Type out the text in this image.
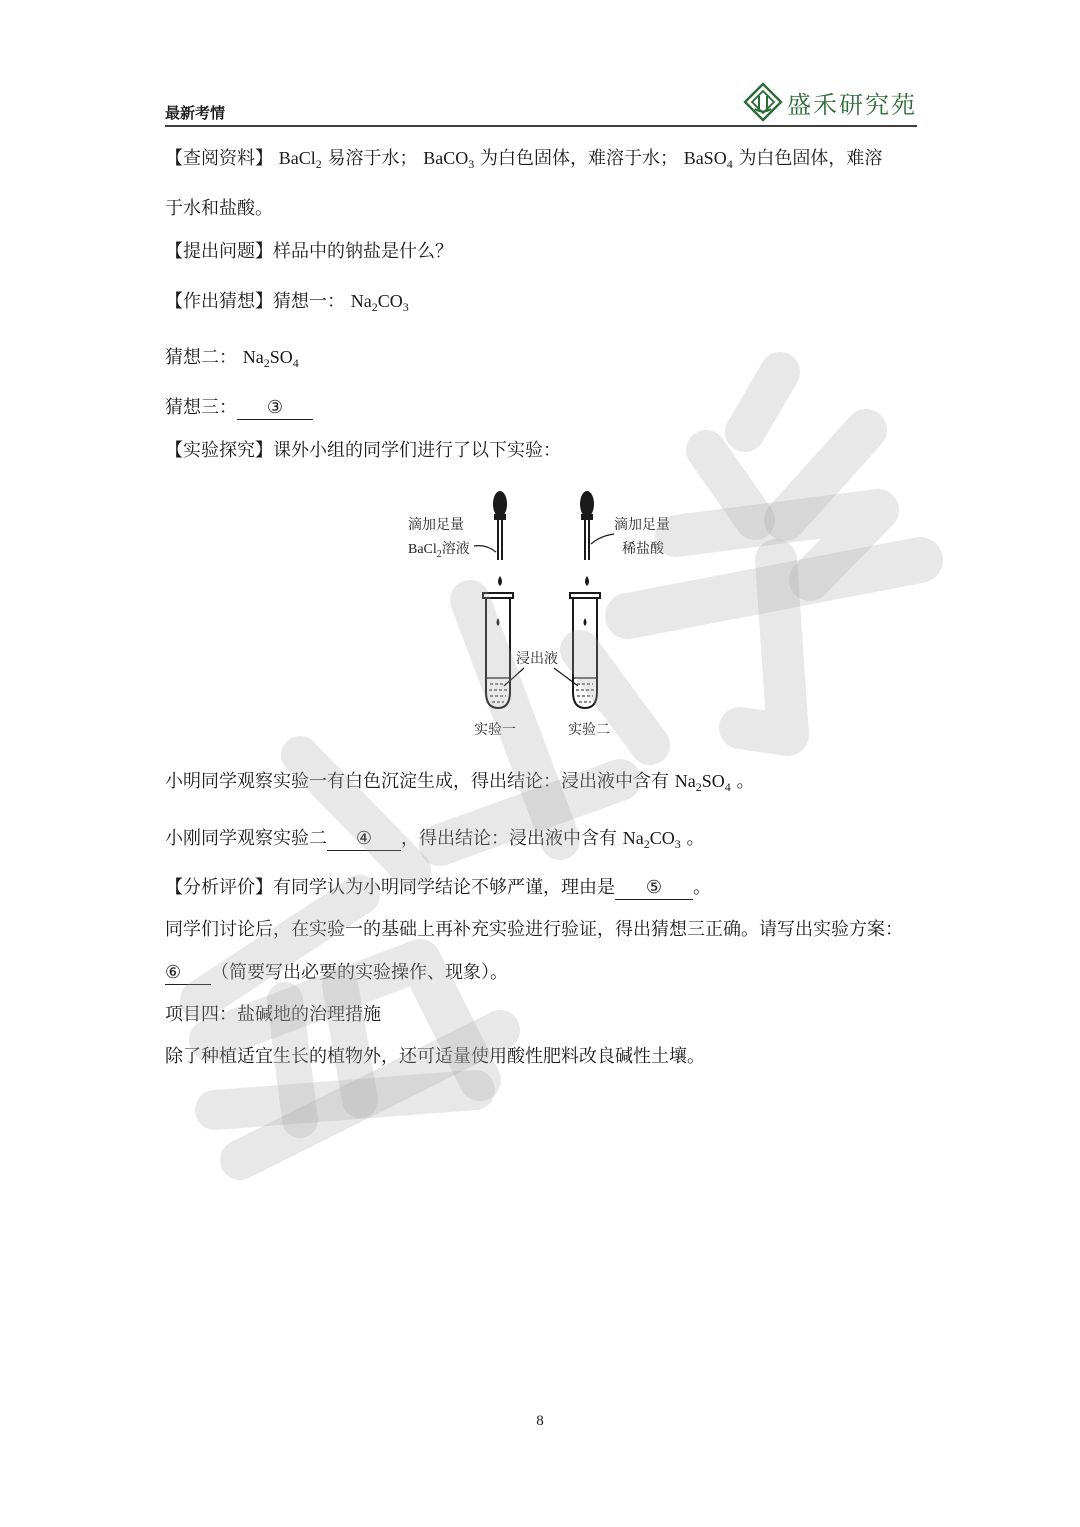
最新考情	盛禾研究苑
【查阅资料】 BaCl$_2$ 易溶于水； BaCO$_3$ 为白色固体，难溶于水； BaSO$_4$ 为白色固体，难溶
于水和盐酸。
【提出问题】样品中的钠盐是什么？
【作出猜想】猜想一： $Na_2CO_3$
猜想二： $Na_2SO_4$
猜想三： ③
【实验探究】课外小组的同学们进行了以下实验：
滴加足量
BaCl$_2$溶液
滴加足量
稀盐酸
浸出液
实验一	实验二
小明同学观察实验一有白色沉淀生成，得出结论：浸出液中含有 $Na_2SO_4$ 。
小刚同学观察实验二 ④ ，得出结论：浸出液中含有 $Na_2CO_3$ 。
【分析评价】有同学认为小明同学结论不够严谨，理由是 ⑤ 。
同学们讨论后，在实验一的基础上再补充实验进行验证，得出猜想三正确。请写出实验方案：
⑥ （简要写出必要的实验操作、现象）。
项目四：盐碱地的治理措施
除了种植适宜生长的植物外，还可适量使用酸性肥料改良碱性土壤。
8
